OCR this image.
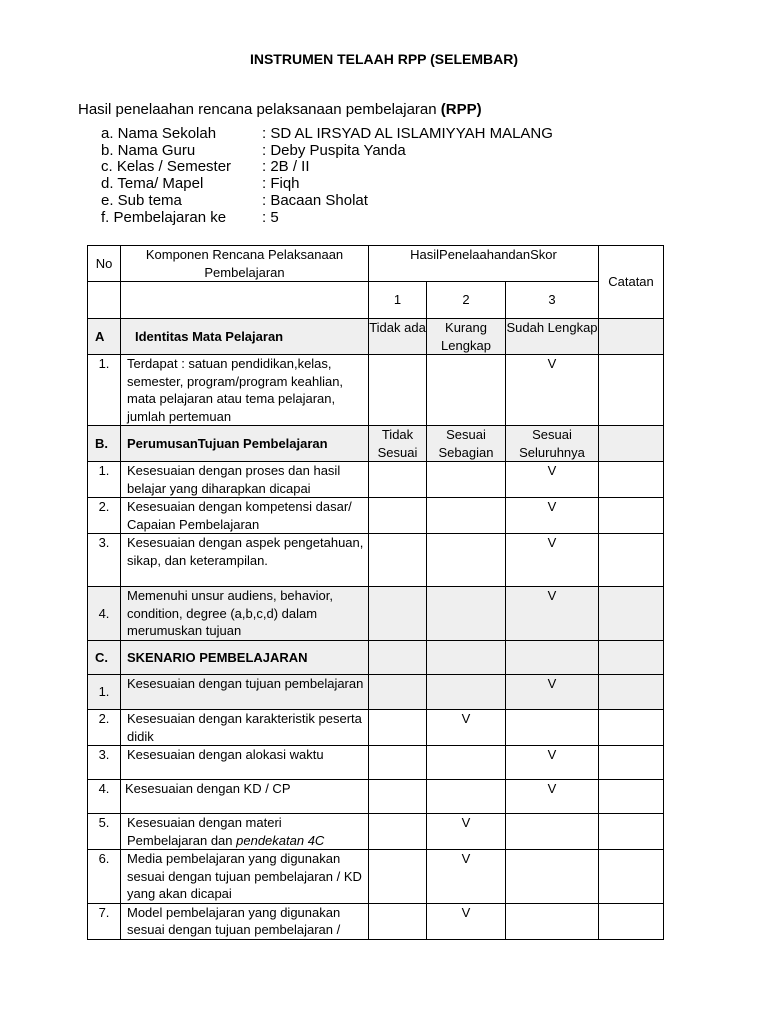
INSTRUMEN TELAAH RPP (SELEMBAR)
Hasil penelaahan rencana pelaksanaan pembelajaran (RPP)
a. Nama Sekolah	: SD AL IRSYAD AL ISLAMIYYAH MALANG
b. Nama Guru	: Deby Puspita Yanda
c. Kelas / Semester	: 2B / II
d. Tema/ Mapel	: Fiqh
e. Sub tema	: Bacaan Sholat
f. Pembelajaran ke	: 5
No	Komponen Rencana Pelaksanaan Pembelajaran	HasilPenelaahandanSkor			Catatan
		1	2	3	
A	Identitas Mata Pelajaran	Tidak ada	Kurang Lengkap	Sudah Lengkap	
1.	Terdapat : satuan pendidikan,kelas, semester, program/program keahlian, mata pelajaran atau tema pelajaran, jumlah pertemuan			V	
B.	PerumusanTujuan Pembelajaran	Tidak Sesuai	Sesuai Sebagian	Sesuai Seluruhnya	
1.	Kesesuaian dengan proses dan hasil belajar yang diharapkan dicapai			V	
2.	Kesesuaian dengan kompetensi dasar/ Capaian Pembelajaran			V	
3.	Kesesuaian dengan aspek pengetahuan, sikap, dan keterampilan.			V	
4.	Memenuhi unsur audiens, behavior, condition, degree (a,b,c,d) dalam merumuskan tujuan			V	
C.	SKENARIO PEMBELAJARAN				
1.	Kesesuaian dengan tujuan pembelajaran			V	
2.	Kesesuaian dengan karakteristik peserta didik		V		
3.	Kesesuaian dengan alokasi waktu			V	
4.	Kesesuaian dengan KD / CP			V	
5.	Kesesuaian dengan materi Pembelajaran dan pendekatan 4C		V		
6.	Media pembelajaran yang digunakan sesuai dengan tujuan pembelajaran / KD yang akan dicapai		V		
7.	Model pembelajaran yang digunakan sesuai dengan tujuan pembelajaran /		V		
